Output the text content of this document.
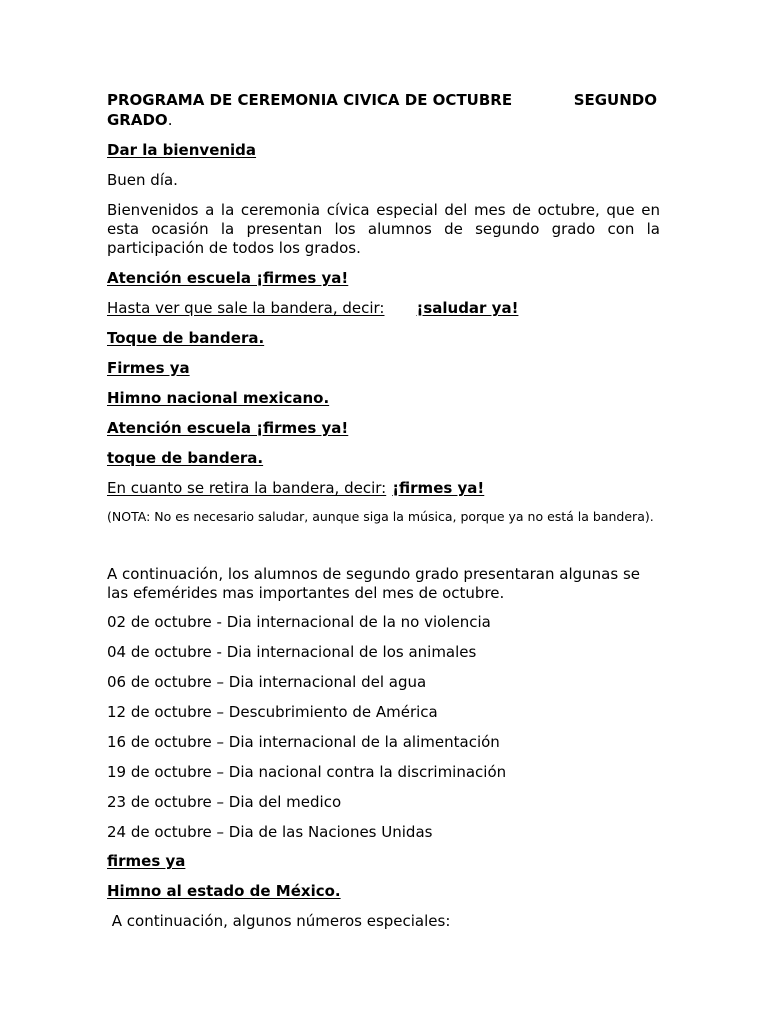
PROGRAMA DE CEREMONIA CIVICA DE OCTUBRE	SEGUNDO
GRADO.
Dar la bienvenida
Buen día.
Bienvenidos a la ceremonia cívica especial del mes de octubre, que en
esta ocasión la presentan los alumnos de segundo grado con la
participación de todos los grados.
Atención escuela ¡firmes ya!
Hasta ver que sale la bandera, decir: ¡saludar ya!
Toque de bandera.
Firmes ya
Himno nacional mexicano.
Atención escuela ¡firmes ya!
toque de bandera.
En cuanto se retira la bandera, decir: ¡firmes ya!
(NOTA: No es necesario saludar, aunque siga la música, porque ya no está la bandera).
A continuación, los alumnos de segundo grado presentaran algunas se
las efemérides mas importantes del mes de octubre.
02 de octubre - Dia internacional de la no violencia
04 de octubre - Dia internacional de los animales
06 de octubre – Dia internacional del agua
12 de octubre – Descubrimiento de América
16 de octubre – Dia internacional de la alimentación
19 de octubre – Dia nacional contra la discriminación
23 de octubre – Dia del medico
24 de octubre – Dia de las Naciones Unidas
firmes ya
Himno al estado de México.
A continuación, algunos números especiales:
